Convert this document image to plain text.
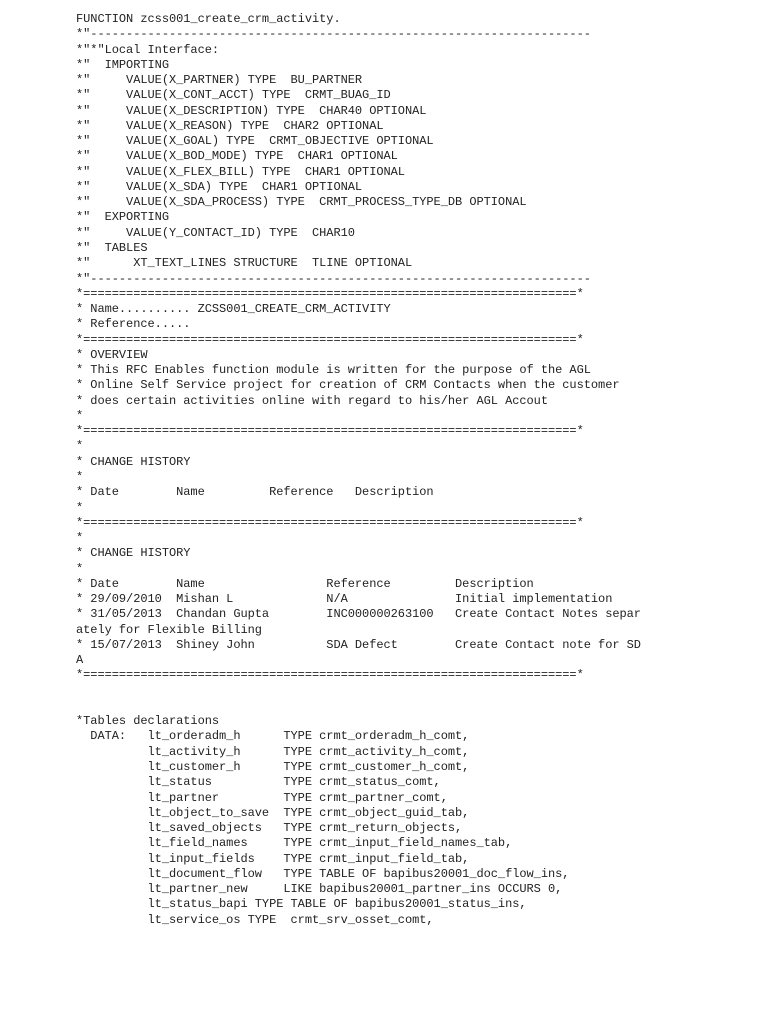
FUNCTION zcss001_create_crm_activity.
*"----------------------------------------------------------------------
*"*"Local Interface:
*"  IMPORTING
*"     VALUE(X_PARTNER) TYPE  BU_PARTNER
*"     VALUE(X_CONT_ACCT) TYPE  CRMT_BUAG_ID
*"     VALUE(X_DESCRIPTION) TYPE  CHAR40 OPTIONAL
*"     VALUE(X_REASON) TYPE  CHAR2 OPTIONAL
*"     VALUE(X_GOAL) TYPE  CRMT_OBJECTIVE OPTIONAL
*"     VALUE(X_BOD_MODE) TYPE  CHAR1 OPTIONAL
*"     VALUE(X_FLEX_BILL) TYPE  CHAR1 OPTIONAL
*"     VALUE(X_SDA) TYPE  CHAR1 OPTIONAL
*"     VALUE(X_SDA_PROCESS) TYPE  CRMT_PROCESS_TYPE_DB OPTIONAL
*"  EXPORTING
*"     VALUE(Y_CONTACT_ID) TYPE  CHAR10
*"  TABLES
*"      XT_TEXT_LINES STRUCTURE  TLINE OPTIONAL
*"----------------------------------------------------------------------
*=====================================================================*
* Name.......... ZCSS001_CREATE_CRM_ACTIVITY
* Reference.....
*=====================================================================*
* OVERVIEW
* This RFC Enables function module is written for the purpose of the AGL
* Online Self Service project for creation of CRM Contacts when the customer
* does certain activities online with regard to his/her AGL Accout
*
*=====================================================================*
*
* CHANGE HISTORY
*
* Date        Name         Reference   Description
*
*=====================================================================*
*
* CHANGE HISTORY
*
* Date        Name                 Reference         Description
* 29/09/2010  Mishan L             N/A               Initial implementation
* 31/05/2013  Chandan Gupta        INC000000263100   Create Contact Notes separ
ately for Flexible Billing
* 15/07/2013  Shiney John          SDA Defect        Create Contact note for SD
A
*=====================================================================*
*Tables declarations
DATA:   lt_orderadm_h      TYPE crmt_orderadm_h_comt,
lt_activity_h      TYPE crmt_activity_h_comt,
lt_customer_h      TYPE crmt_customer_h_comt,
lt_status          TYPE crmt_status_comt,
lt_partner         TYPE crmt_partner_comt,
lt_object_to_save  TYPE crmt_object_guid_tab,
lt_saved_objects   TYPE crmt_return_objects,
lt_field_names     TYPE crmt_input_field_names_tab,
lt_input_fields    TYPE crmt_input_field_tab,
lt_document_flow   TYPE TABLE OF bapibus20001_doc_flow_ins,
lt_partner_new     LIKE bapibus20001_partner_ins OCCURS 0,
lt_status_bapi TYPE TABLE OF bapibus20001_status_ins,
lt_service_os TYPE  crmt_srv_osset_comt,
